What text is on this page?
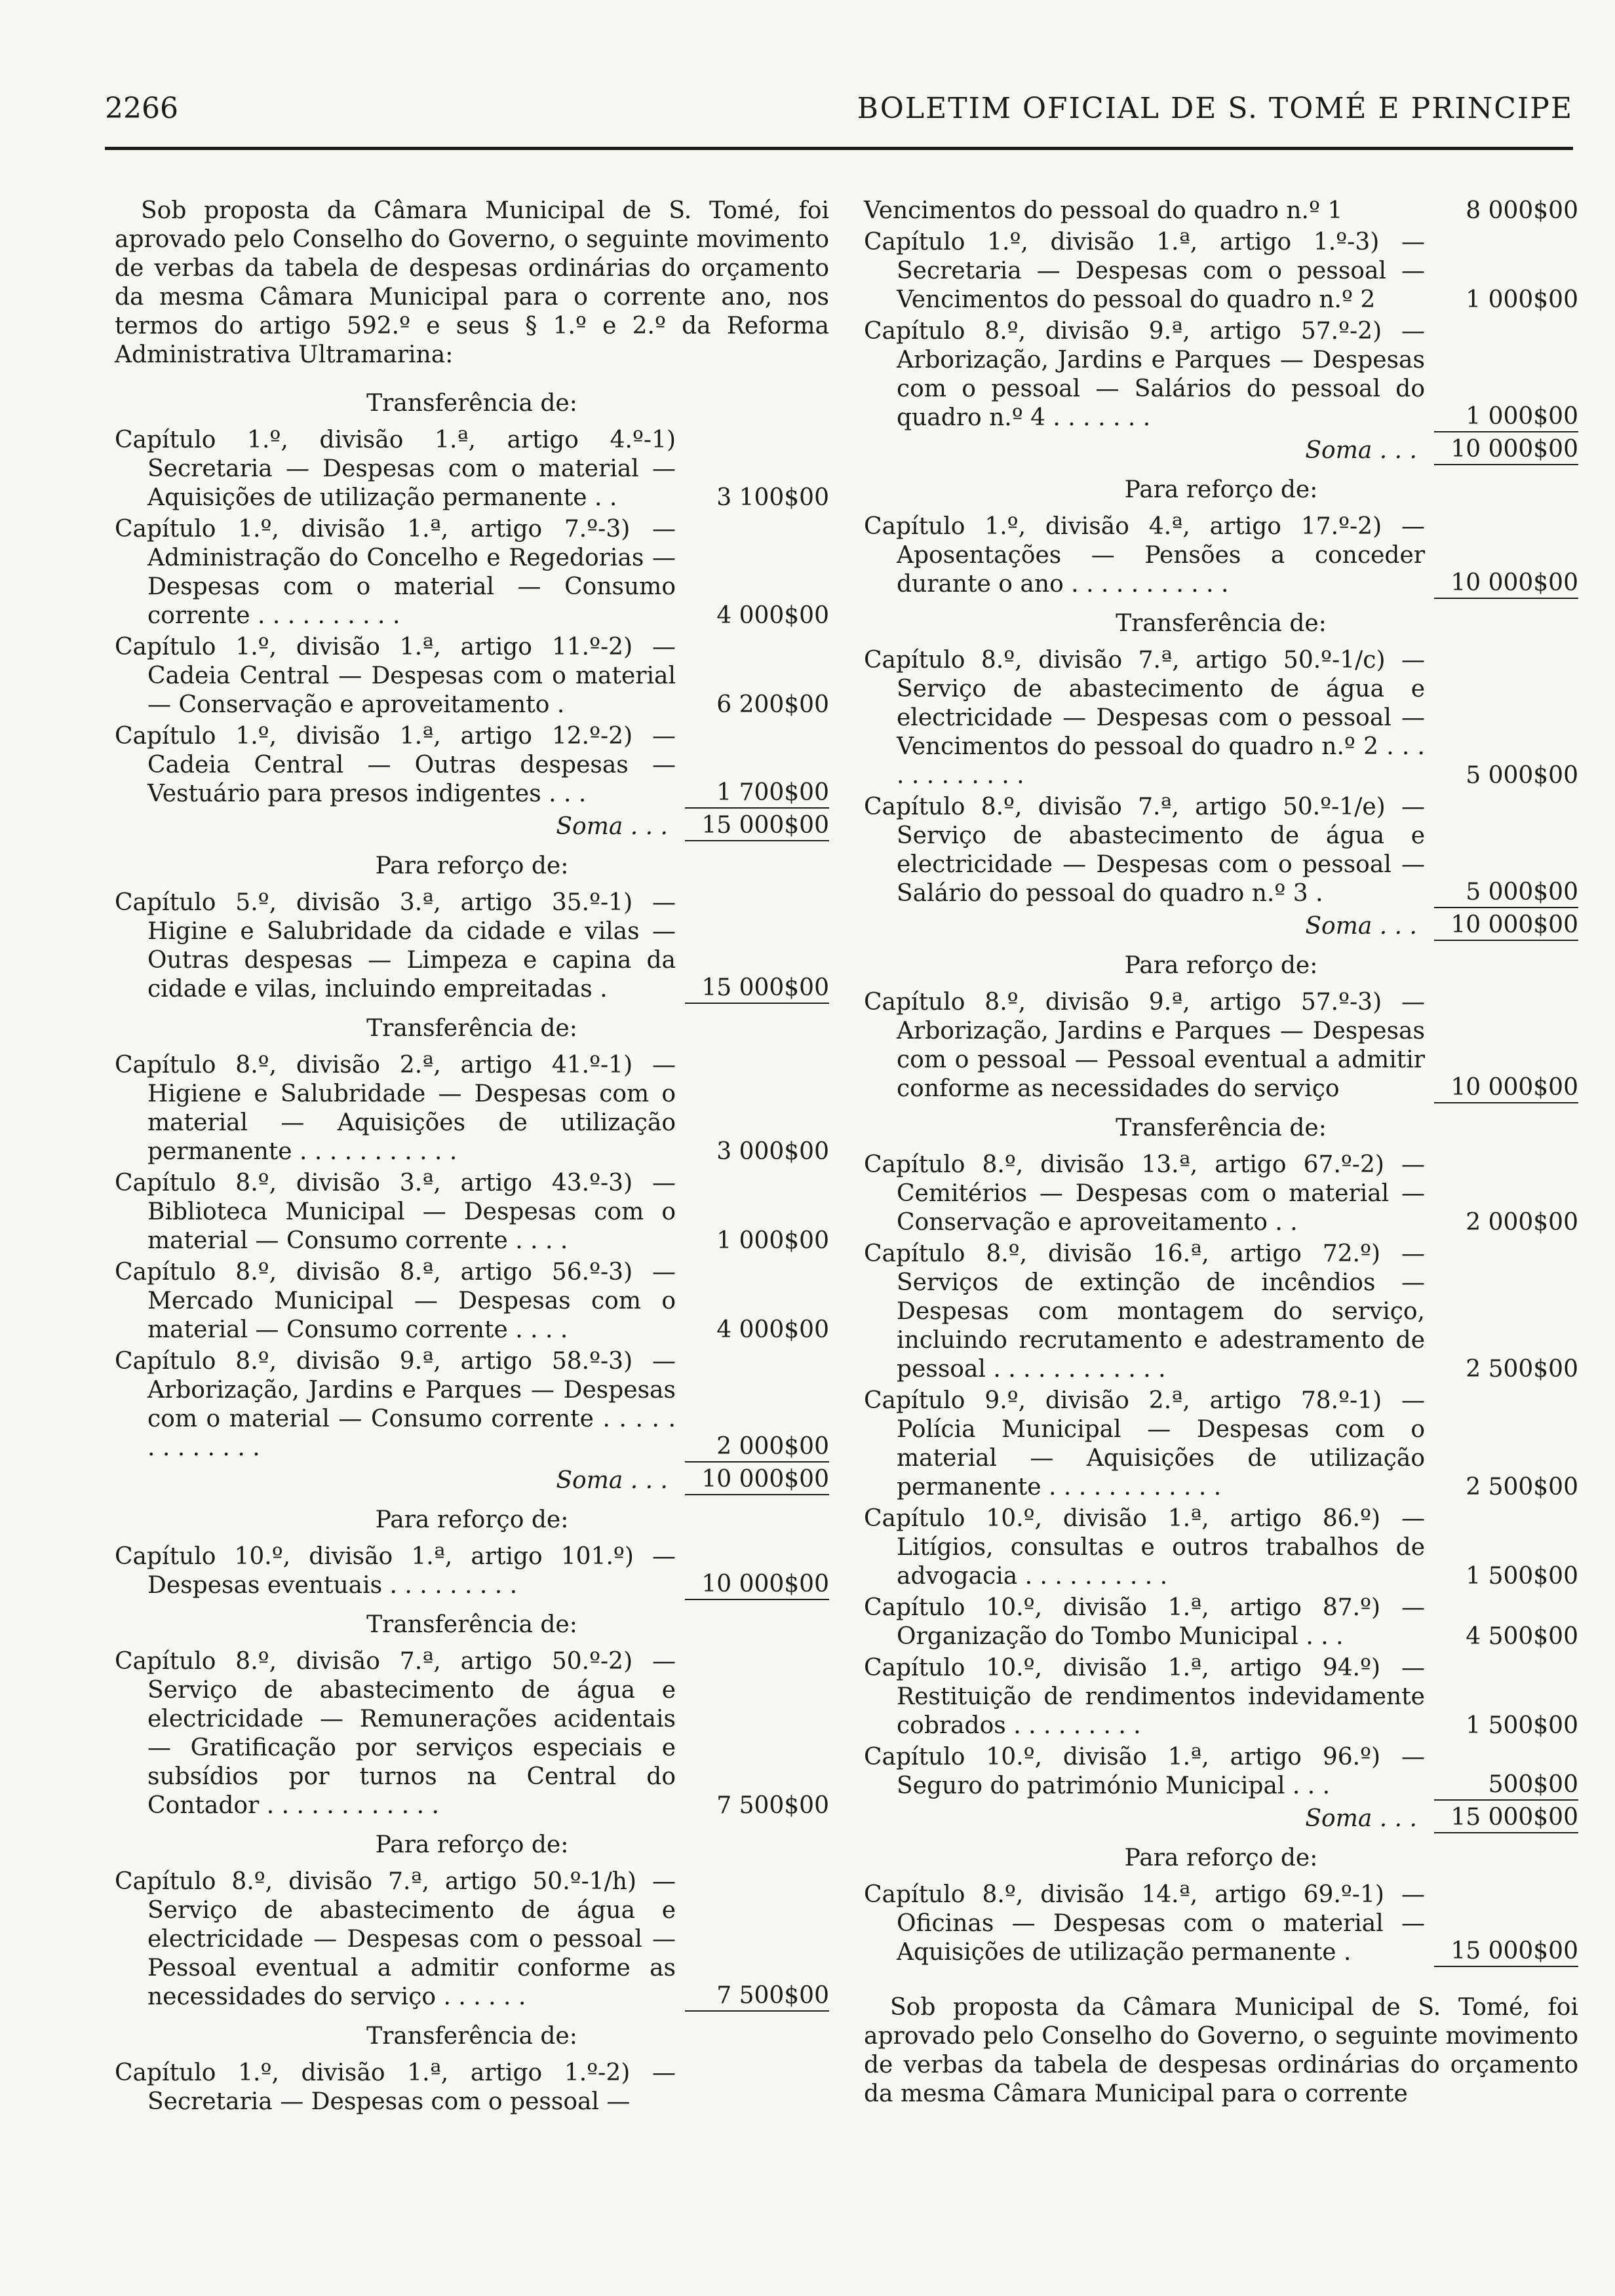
2266	BOLETIM OFICIAL DE S. TOMÉ E PRINCIPE
Sob proposta da Câmara Municipal de S. Tomé, foi aprovado pelo Conselho do Governo, o seguinte movimento de verbas da tabela de despesas ordinárias do orçamento da mesma Câmara Municipal para o corrente ano, nos termos do artigo 592.º e seus § 1.º e 2.º da Reforma Administrativa Ultramarina:
Transferência de:
Capítulo 1.º, divisão 1.ª, artigo 4.º-1) Secretaria — Despesas com o material — Aquisições de utilização permanente . .	3 100$00
Capítulo 1.º, divisão 1.ª, artigo 7.º-3) — Administração do Concelho e Regedorias — Despesas com o material — Consumo corrente . . . . . . . . . .	4 000$00
Capítulo 1.º, divisão 1.ª, artigo 11.º-2) — Cadeia Central — Despesas com o material — Conservação e aproveitamento .	6 200$00
Capítulo 1.º, divisão 1.ª, artigo 12.º-2) — Cadeia Central — Outras despesas — Vestuário para presos indigentes . . .	1 700$00
Soma . . .	15 000$00
Para reforço de:
Capítulo 5.º, divisão 3.ª, artigo 35.º-1) — Higine e Salubridade da cidade e vilas — Outras despesas — Limpeza e capina da cidade e vilas, incluindo empreitadas .	15 000$00
Transferência de:
Capítulo 8.º, divisão 2.ª, artigo 41.º-1) — Higiene e Salubridade — Despesas com o material — Aquisições de utilização permanente . . . . . . . . . . .	3 000$00
Capítulo 8.º, divisão 3.ª, artigo 43.º-3) — Biblioteca Municipal — Despesas com o material — Consumo corrente . . . .	1 000$00
Capítulo 8.º, divisão 8.ª, artigo 56.º-3) — Mercado Municipal — Despesas com o material — Consumo corrente . . . .	4 000$00
Capítulo 8.º, divisão 9.ª, artigo 58.º-3) — Arborização, Jardins e Parques — Despesas com o material — Consumo corrente . . . . . . . . . . . . .	2 000$00
Soma . . .	10 000$00
Para reforço de:
Capítulo 10.º, divisão 1.ª, artigo 101.º) — Despesas eventuais . . . . . . . . .	10 000$00
Transferência de:
Capítulo 8.º, divisão 7.ª, artigo 50.º-2) — Serviço de abastecimento de água e electricidade — Remunerações acidentais — Gratificação por serviços especiais e subsídios por turnos na Central do Contador . . . . . . . . . . . .	7 500$00
Para reforço de:
Capítulo 8.º, divisão 7.ª, artigo 50.º-1/h) — Serviço de abastecimento de água e electricidade — Despesas com o pessoal — Pessoal eventual a admitir conforme as necessidades do serviço . . . . . .	7 500$00
Transferência de:
Capítulo 1.º, divisão 1.ª, artigo 1.º-2) — Secretaria — Despesas com o pessoal —
Vencimentos do pessoal do quadro n.º 1	8 000$00
Capítulo 1.º, divisão 1.ª, artigo 1.º-3) — Secretaria — Despesas com o pessoal — Vencimentos do pessoal do quadro n.º 2	1 000$00
Capítulo 8.º, divisão 9.ª, artigo 57.º-2) — Arborização, Jardins e Parques — Despesas com o pessoal — Salários do pessoal do quadro n.º 4 . . . . . . .	1 000$00
Soma . . .	10 000$00
Para reforço de:
Capítulo 1.º, divisão 4.ª, artigo 17.º-2) — Aposentações — Pensões a conceder durante o ano . . . . . . . . . . .	10 000$00
Transferência de:
Capítulo 8.º, divisão 7.ª, artigo 50.º-1/c) — Serviço de abastecimento de água e electricidade — Despesas com o pessoal — Vencimentos do pessoal do quadro n.º 2 . . . . . . . . . . . .	5 000$00
Capítulo 8.º, divisão 7.ª, artigo 50.º-1/e) — Serviço de abastecimento de água e electricidade — Despesas com o pessoal — Salário do pessoal do quadro n.º 3 .	5 000$00
Soma . . .	10 000$00
Para reforço de:
Capítulo 8.º, divisão 9.ª, artigo 57.º-3) — Arborização, Jardins e Parques — Despesas com o pessoal — Pessoal eventual a admitir conforme as necessidades do serviço	10 000$00
Transferência de:
Capítulo 8.º, divisão 13.ª, artigo 67.º-2) — Cemitérios — Despesas com o material — Conservação e aproveitamento . .	2 000$00
Capítulo 8.º, divisão 16.ª, artigo 72.º) — Serviços de extinção de incêndios — Despesas com montagem do serviço, incluindo recrutamento e adestramento de pessoal . . . . . . . . . . . .	2 500$00
Capítulo 9.º, divisão 2.ª, artigo 78.º-1) — Polícia Municipal — Despesas com o material — Aquisições de utilização permanente . . . . . . . . . . . .	2 500$00
Capítulo 10.º, divisão 1.ª, artigo 86.º) — Litígios, consultas e outros trabalhos de advogacia . . . . . . . . . .	1 500$00
Capítulo 10.º, divisão 1.ª, artigo 87.º) — Organização do Tombo Municipal . . .	4 500$00
Capítulo 10.º, divisão 1.ª, artigo 94.º) — Restituição de rendimentos indevidamente cobrados . . . . . . . . .	1 500$00
Capítulo 10.º, divisão 1.ª, artigo 96.º) — Seguro do património Municipal . . .	500$00
Soma . . .	15 000$00
Para reforço de:
Capítulo 8.º, divisão 14.ª, artigo 69.º-1) — Oficinas — Despesas com o material — Aquisições de utilização permanente .	15 000$00
Sob proposta da Câmara Municipal de S. Tomé, foi aprovado pelo Conselho do Governo, o seguinte movimento de verbas da tabela de despesas ordinárias do orçamento da mesma Câmara Municipal para o corrente
